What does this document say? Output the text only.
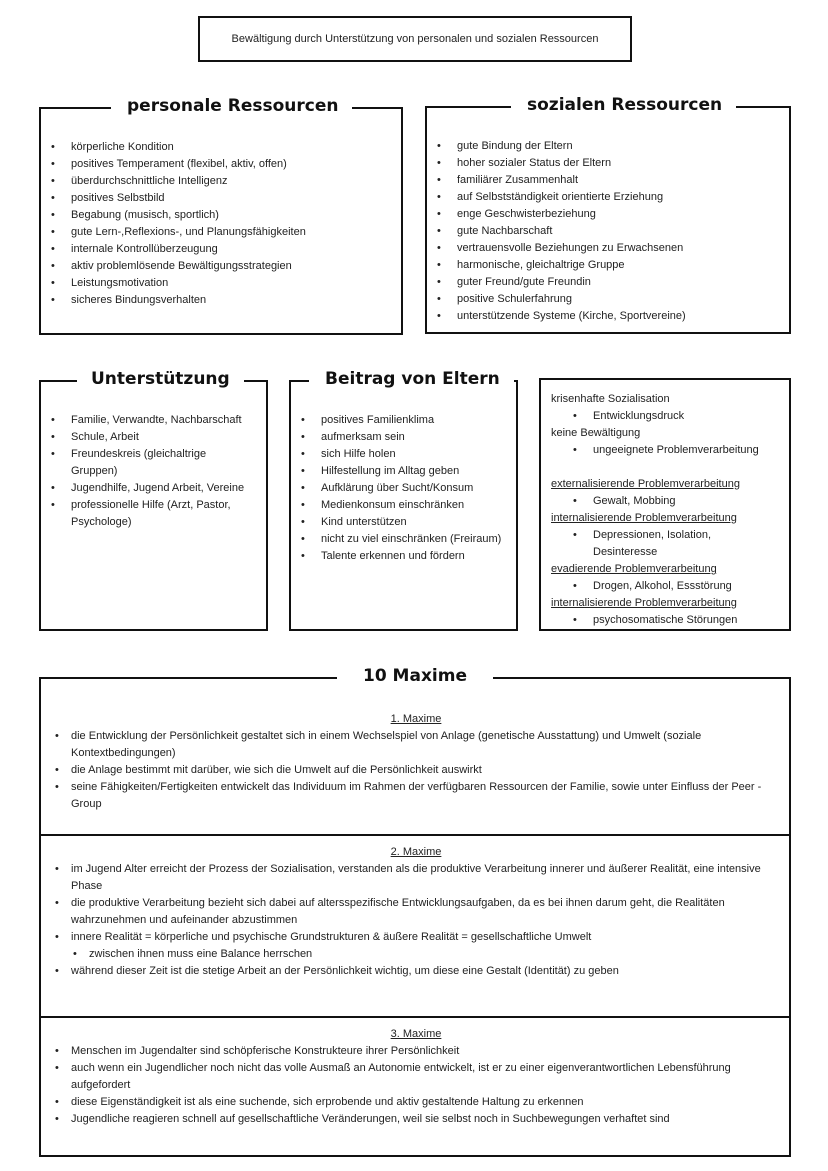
Bewältigung durch Unterstützung von personalen und sozialen Ressourcen
personale Ressourcen
• körperliche Kondition
• positives Temperament (flexibel, aktiv, offen)
• überdurchschnittliche Intelligenz
• positives Selbstbild
• Begabung (musisch, sportlich)
• gute Lern-,Reflexions-, und Planungsfähigkeiten
• internale Kontrollüberzeugung
• aktiv problemlösende Bewältigungsstrategien
• Leistungsmotivation
• sicheres Bindungsverhalten
sozialen Ressourcen
• gute Bindung der Eltern
• hoher sozialer Status der Eltern
• familiärer Zusammenhalt
• auf Selbstständigkeit orientierte Erziehung
• enge Geschwisterbeziehung
• gute Nachbarschaft
• vertrauensvolle Beziehungen zu Erwachsenen
• harmonische, gleichaltrige Gruppe
• guter Freund/gute Freundin
• positive Schulerfahrung
• unterstützende Systeme (Kirche, Sportvereine)
Unterstützung
• Familie, Verwandte, Nachbarschaft
• Schule, Arbeit
• Freundeskreis (gleichaltrige Gruppen)
• Jugendhilfe, Jugend Arbeit, Vereine
• professionelle Hilfe (Arzt, Pastor, Psychologe)
Beitrag von Eltern
• positives Familienklima
• aufmerksam sein
• sich Hilfe holen
• Hilfestellung im Alltag geben
• Aufklärung über Sucht/Konsum
• Medienkonsum einschränken
• Kind unterstützen
• nicht zu viel einschränken (Freiraum)
• Talente erkennen und fördern
krisenhafte Sozialisation
• Entwicklungsdruck
keine Bewältigung
• ungeeignete Problemverarbeitung
externalisierende Problemverarbeitung
• Gewalt, Mobbing
internalisierende Problemverarbeitung
• Depressionen, Isolation, Desinteresse
evadierende Problemverarbeitung
• Drogen, Alkohol, Essstörung
internalisierende Problemverarbeitung
• psychosomatische Störungen
10 Maxime
1. Maxime
• die Entwicklung der Persönlichkeit gestaltet sich in einem Wechselspiel von Anlage (genetische Ausstattung) und Umwelt (soziale Kontextbedingungen)
• die Anlage bestimmt mit darüber, wie sich die Umwelt auf die Persönlichkeit auswirkt
• seine Fähigkeiten/Fertigkeiten entwickelt das Individuum im Rahmen der verfügbaren Ressourcen der Familie, sowie unter Einfluss der Peer - Group
2. Maxime
• im Jugend Alter erreicht der Prozess der Sozialisation, verstanden als die produktive Verarbeitung innerer und äußerer Realität, eine intensive Phase
• die produktive Verarbeitung bezieht sich dabei auf altersspezifische Entwicklungsaufgaben, da es bei ihnen darum geht, die Realitäten wahrzunehmen und aufeinander abzustimmen
• innere Realität = körperliche und psychische Grundstrukturen & äußere Realität = gesellschaftliche Umwelt
• zwischen ihnen muss eine Balance herrschen
• während dieser Zeit ist die stetige Arbeit an der Persönlichkeit wichtig, um diese eine Gestalt (Identität) zu geben
3. Maxime
• Menschen im Jugendalter sind schöpferische Konstrukteure ihrer Persönlichkeit
• auch wenn ein Jugendlicher noch nicht das volle Ausmaß an Autonomie entwickelt, ist er zu einer eigenverantwortlichen Lebensführung aufgefordert
• diese Eigenständigkeit ist als eine suchende, sich erprobende und aktiv gestaltende Haltung zu erkennen
• Jugendliche reagieren schnell auf gesellschaftliche Veränderungen, weil sie selbst noch in Suchbewegungen verhaftet sind
